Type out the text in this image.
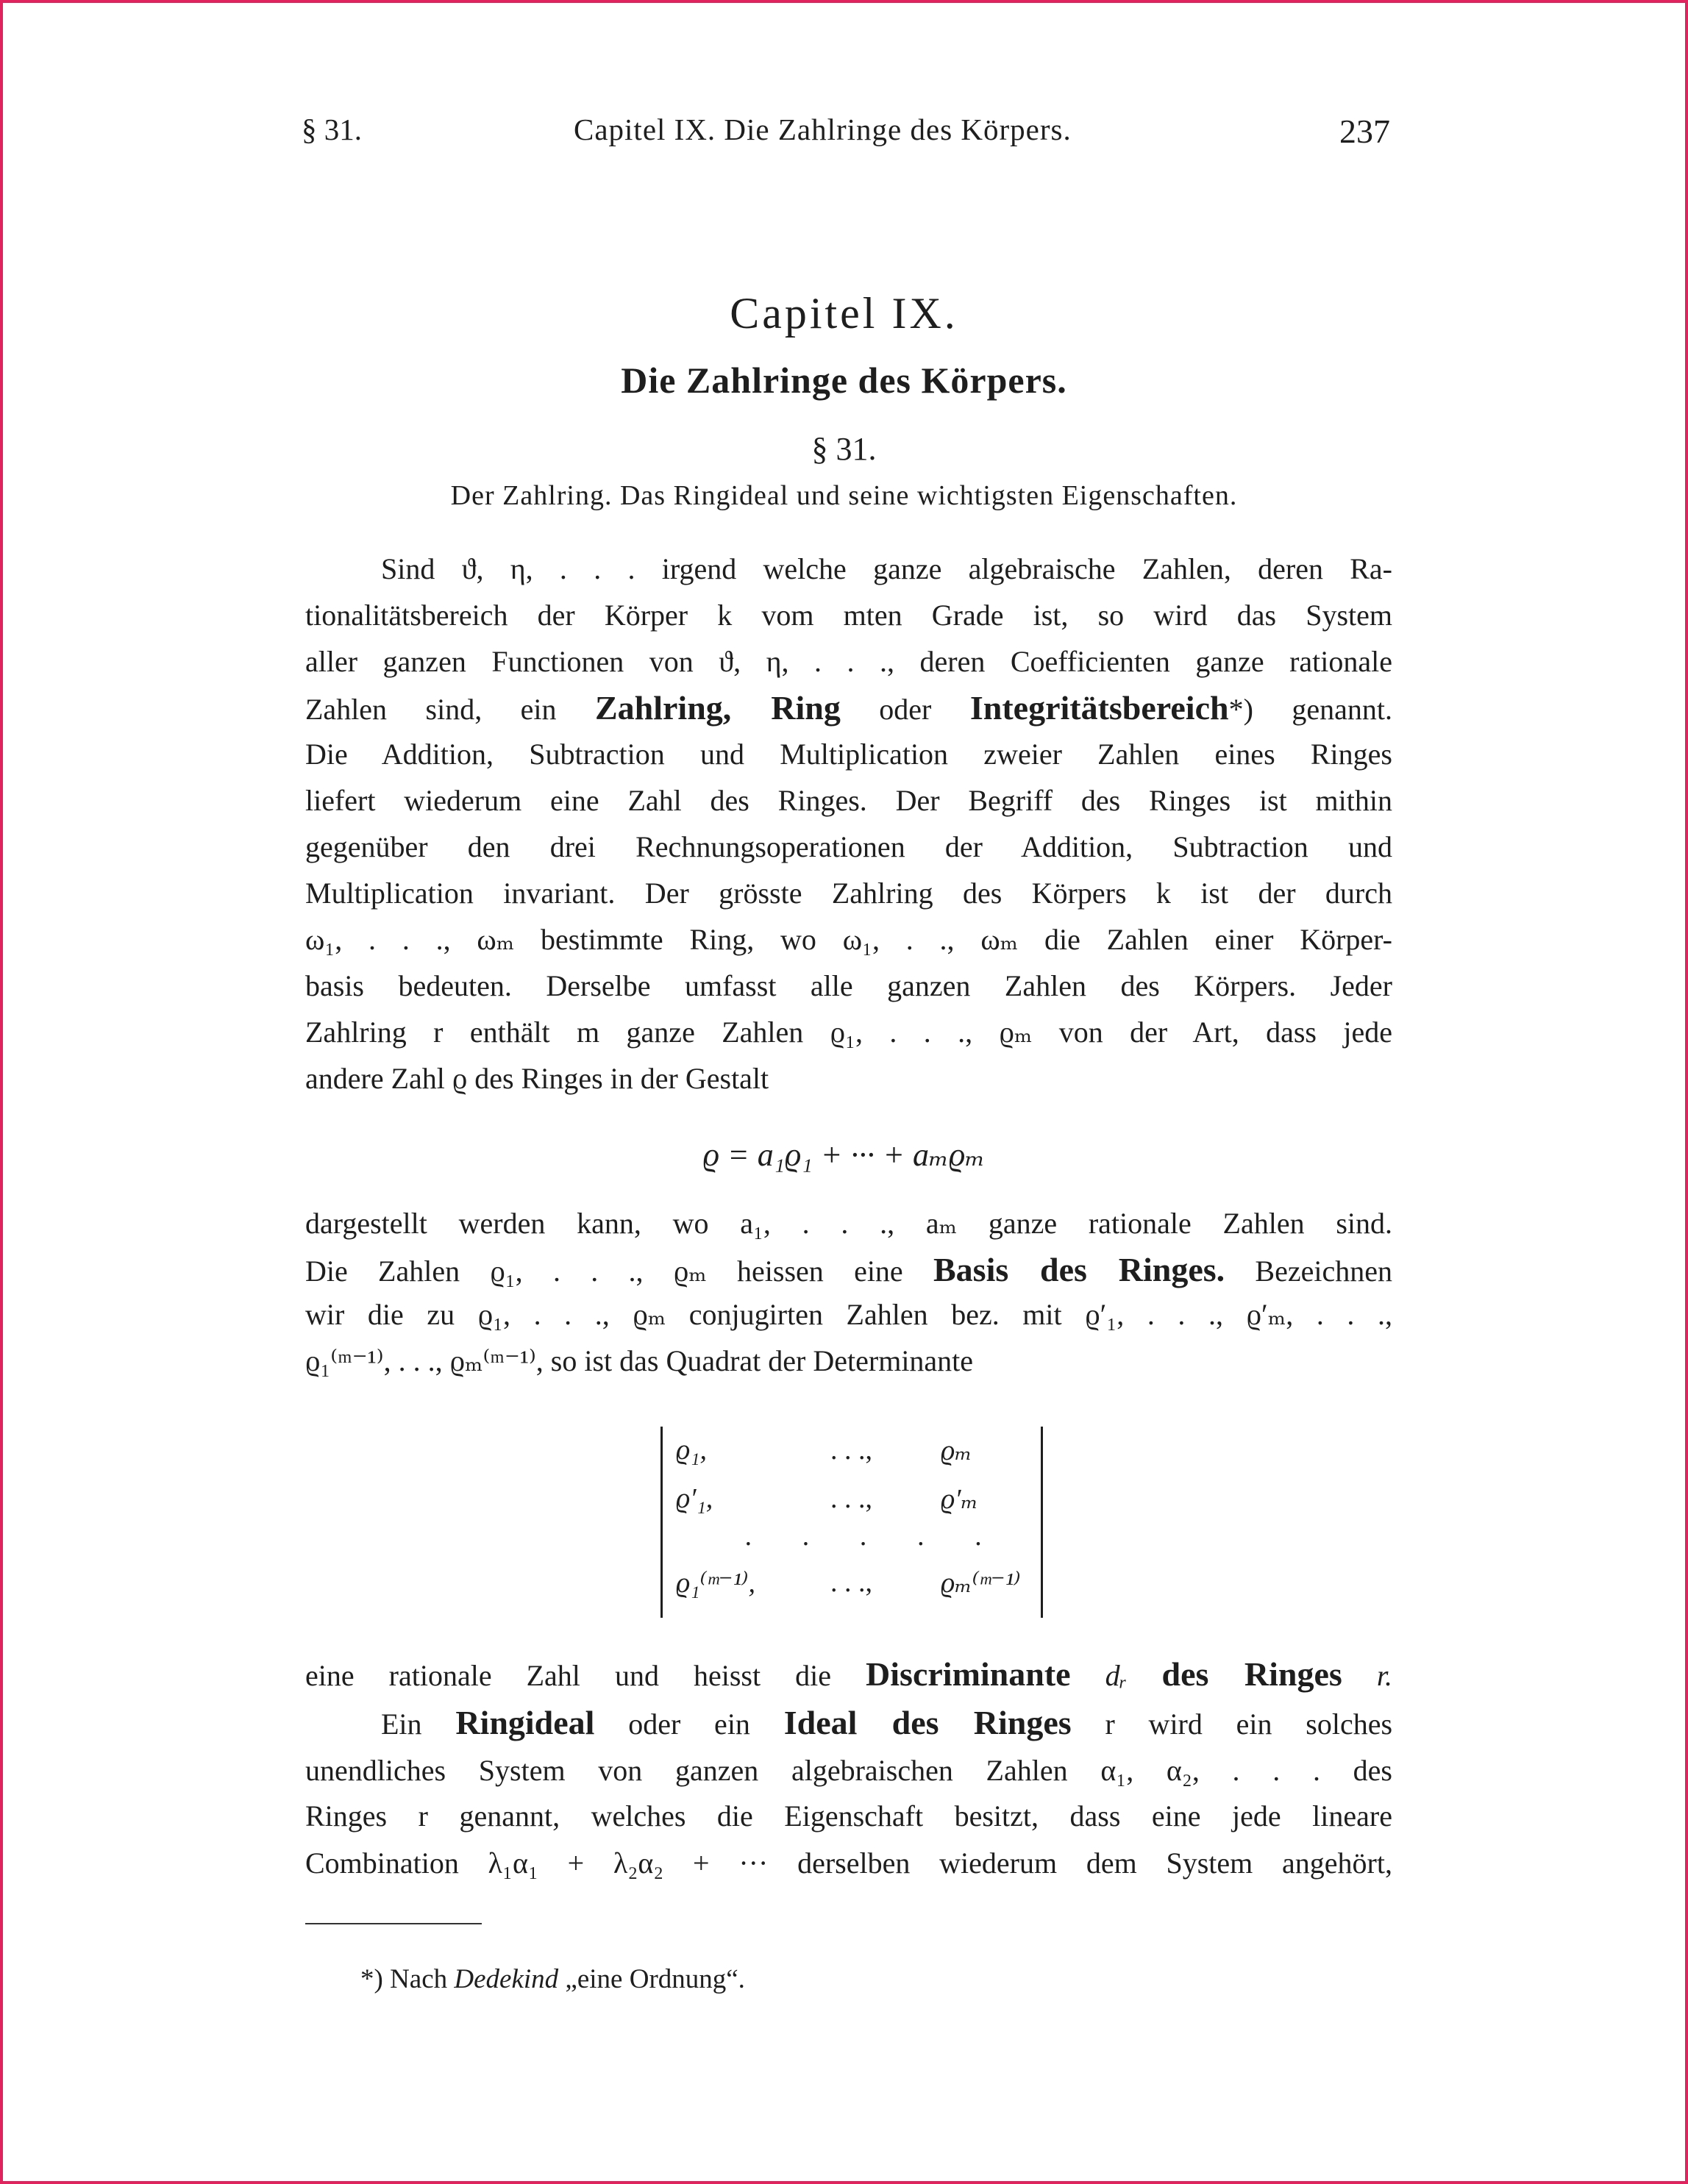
§ 31.	Capitel IX. Die Zahlringe des Körpers.	237
Capitel IX.
Die Zahlringe des Körpers.
§ 31.
Der Zahlring. Das Ringideal und seine wichtigsten Eigenschaften.
Sind ϑ, η, . . . irgend welche ganze algebraische Zahlen, deren Ra-
tionalitätsbereich der Körper k vom mten Grade ist, so wird das System
aller ganzen Functionen von ϑ, η, . . ., deren Coefficienten ganze rationale
Zahlen sind, ein Zahlring, Ring oder Integritätsbereich*) genannt.
Die Addition, Subtraction und Multiplication zweier Zahlen eines Ringes
liefert wiederum eine Zahl des Ringes. Der Begriff des Ringes ist mithin
gegenüber den drei Rechnungsoperationen der Addition, Subtraction und
Multiplication invariant. Der grösste Zahlring des Körpers k ist der durch
ω₁, . . ., ωₘ bestimmte Ring, wo ω₁, . ., ωₘ die Zahlen einer Körper-
basis bedeuten. Derselbe umfasst alle ganzen Zahlen des Körpers. Jeder
Zahlring r enthält m ganze Zahlen ϱ₁, . . ., ϱₘ von der Art, dass jede
andere Zahl ϱ des Ringes in der Gestalt
ϱ = a₁ϱ₁ + ··· + aₘϱₘ
dargestellt werden kann, wo a₁, . . ., aₘ ganze rationale Zahlen sind.
Die Zahlen ϱ₁, . . ., ϱₘ heissen eine Basis des Ringes. Bezeichnen
wir die zu ϱ₁, . . ., ϱₘ conjugirten Zahlen bez. mit ϱ′₁, . . ., ϱ′ₘ, . . .,
ϱ₁⁽ᵐ⁻¹⁾, . . ., ϱₘ⁽ᵐ⁻¹⁾, so ist das Quadrat der Determinante
ϱ₁,	. . ., ϱₘ
ϱ′₁,	. . ., ϱ′ₘ
· · · · ·
ϱ₁⁽ᵐ⁻¹⁾,	. . ., ϱₘ⁽ᵐ⁻¹⁾
eine rationale Zahl und heisst die Discriminante dᵣ des Ringes r.
Ein Ringideal oder ein Ideal des Ringes r wird ein solches
unendliches System von ganzen algebraischen Zahlen α₁, α₂, . . . des
Ringes r genannt, welches die Eigenschaft besitzt, dass eine jede lineare
Combination λ₁α₁ + λ₂α₂ + ··· derselben wiederum dem System angehört,
*) Nach Dedekind „eine Ordnung“.
